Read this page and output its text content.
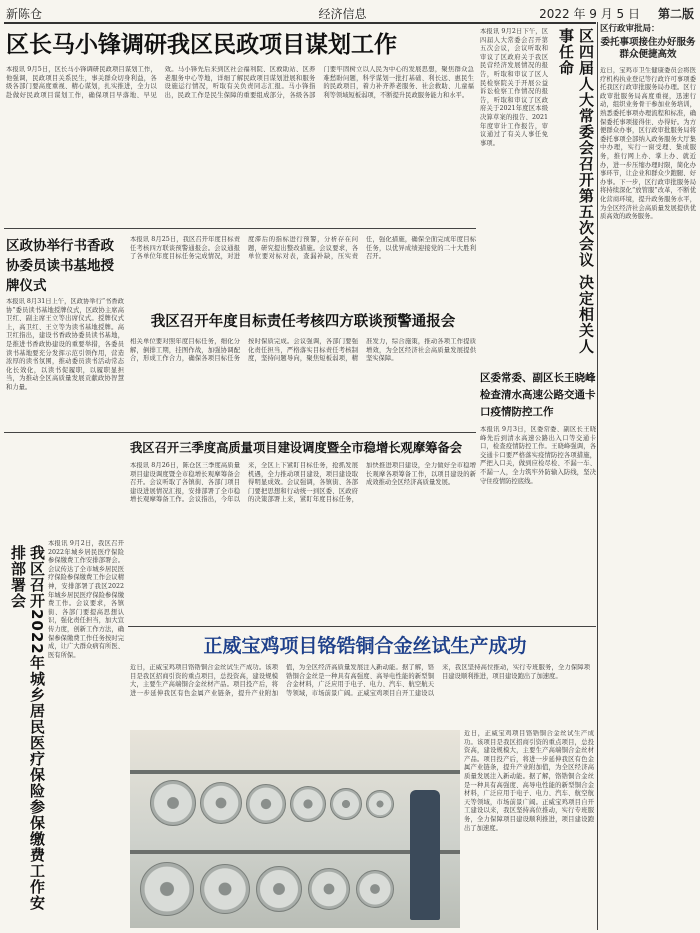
新陈仓	经济信息	2022 年 9 月 5 日 第二版
区长马小锋调研我区民政项目谋划工作
本报讯 9月5日，区长马小锋调研民政项目谋划工作，他强调，民政项目关系民生，事关群众切身利益，各级各部门要高度重视、精心谋划，扎实推进，全力以赴做好民政项目谋划工作，确保项目早落地、早见效。马小锋先后来到区社会福利院、区救助站、区养老服务中心等地，详细了解民政项目谋划进展和服务设施运行情况，听取有关负责同志汇报。马小锋指出，民政工作是民生保障的重要组成部分，各级各部门要牢固树立以人民为中心的发展思想，聚焦群众急难愁盼问题，科学谋划一批打基础、利长远、惠民生的民政项目，着力补齐养老服务、社会救助、儿童福利等领域短板弱项，不断提升民政服务能力和水平。
本报讯 9月2日下午，区四届人大常委会召开第五次会议，会议听取和审议了区政府关于我区民营经济发展情况的报告，听取和审议了区人民检察院关于开展公益诉讼检察工作情况的报告，听取和审议了区政府关于2021年度区本级决算草案的报告、2021年度审计工作报告，审议通过了有关人事任免事项。	区四届人大常委会召开第五次会议 决定相关人事任命
区政协举行书香政协委员读书基地授牌仪式
本报讯 8月31日上午，区政协举行“书香政协”委员读书基地授牌仪式，区政协主席高卫红、副主席王立等出席仪式。授牌仪式上，高卫红、王立等为读书基地授牌。高卫红指出，建设书香政协委员读书基地，是推进书香政协建设的重要举措，各委员读书基地要充分发挥示范引领作用，营造浓厚的读书氛围，推动委员读书活动常态化长效化，以读书促履职，以履职显担当，为推动全区高质量发展贡献政协智慧和力量。
本报讯 8月25日，我区召开年度目标责任考核四方联谈预警通报会。会议通报了各单位年度目标任务完成情况，对进度滞后的指标进行预警，分析存在问题，研究提出整改措施。会议要求，各单位要对标对表，查漏补缺，压实责任，强化措施，确保全面完成年度目标任务，以优异成绩迎接党的二十大胜利召开。
我区召开年度目标责任考核四方联谈预警通报会
相关单位要对照年度目标任务，细化分解，倒排工期，挂图作战，加强协调配合，形成工作合力，确保各项目标任务按时保质完成。会议强调，各部门要强化责任担当，严格落实目标责任考核制度，坚持问题导向，聚焦短板弱项，精准发力，综合施策，推动各项工作提质增效，为全区经济社会高质量发展提供坚实保障。
区委常委、副区长王晓峰检查清水高速公路交通卡口疫情防控工作
本报讯 9月3日，区委常委、副区长王晓峰先后到清水高速公路出入口等交通卡口，检查疫情防控工作。王晓峰强调，各交通卡口要严格落实疫情防控各项措施，严把入口关，做到应检尽检、不漏一车、不漏一人，全力筑牢外防输入防线，坚决守住疫情防控底线。
我区召开三季度高质量项目建设调度暨全市稳增长观摩筹备会
本报讯 8月26日，陈仓区三季度高质量项目建设调度暨全市稳增长观摩筹备会召开。会议听取了各镇街、各部门项目建设进展情况汇报，安排部署了全市稳增长观摩筹备工作。会议指出，今年以来，全区上下紧盯目标任务，抢抓发展机遇，全力推动项目建设，项目建设取得明显成效。会议强调，各镇街、各部门要把思想和行动统一到区委、区政府的决策部署上来，紧盯年度目标任务，加快推进项目建设，全力做好全市稳增长观摩各项筹备工作，以项目建设的新成效推动全区经济高质量发展。
我区召开2022年城乡居民医疗保险参保缴费工作安排部署会
本报讯 9月2日，我区召开2022年城乡居民医疗保险参保缴费工作安排部署会。会议传达了全市城乡居民医疗保险参保缴费工作会议精神，安排部署了我区2022年城乡居民医疗保险参保缴费工作。会议要求，各镇街、各部门要提高思想认识，强化责任担当，加大宣传力度，创新工作方法，确保参保缴费工作任务按时完成，让广大群众病有所医、医有所保。	正威宝鸡项目铬锆铜合金丝试生产成功
近日，正威宝鸡项目铬锆铜合金丝试生产成功。该项目是我区招商引资的重点项目，总投资高，建设规模大，主要生产高端铜合金丝材产品。项目投产后，将进一步延伸我区有色金属产业链条，提升产业附加值，为全区经济高质量发展注入新动能。据了解，铬锆铜合金丝是一种具有高强度、高导电性能的新型铜合金材料，广泛应用于电子、电力、汽车、航空航天等领域，市场前景广阔。正威宝鸡项目自开工建设以来，我区坚持高位推动，实行专班服务，全力保障项目建设顺利推进，项目建设跑出了加速度。
近日，正威宝鸡项目铬锆铜合金丝试生产成功。该项目是我区招商引资的重点项目，总投资高，建设规模大，主要生产高端铜合金丝材产品。项目投产后，将进一步延伸我区有色金属产业链条，提升产业附加值，为全区经济高质量发展注入新动能。据了解，铬锆铜合金丝是一种具有高强度、高导电性能的新型铜合金材料，广泛应用于电子、电力、汽车、航空航天等领域，市场前景广阔。正威宝鸡项目自开工建设以来，我区坚持高位推动，实行专班服务，全力保障项目建设顺利推进，项目建设跑出了加速度。
区行政审批局：
委托事项接住办好服务群众便捷高效
近日，宝鸡市卫生健康委员会将医疗机构执业登记等行政许可事项委托我区行政审批服务局办理。区行政审批服务局高度重视，迅速行动，组织业务骨干参加业务培训，熟悉委托事项办理流程和标准，确保委托事项接得住、办得好。为方便群众办事，区行政审批服务局将委托事项全部纳入政务服务大厅集中办理，实行一窗受理、集成服务，推行网上办、掌上办、就近办，进一步压缩办理时限，简化办事环节，让企业和群众少跑腿、好办事。下一步，区行政审批服务局将持续深化“放管服”改革，不断优化营商环境，提升政务服务水平，为全区经济社会高质量发展提供优质高效的政务服务。
